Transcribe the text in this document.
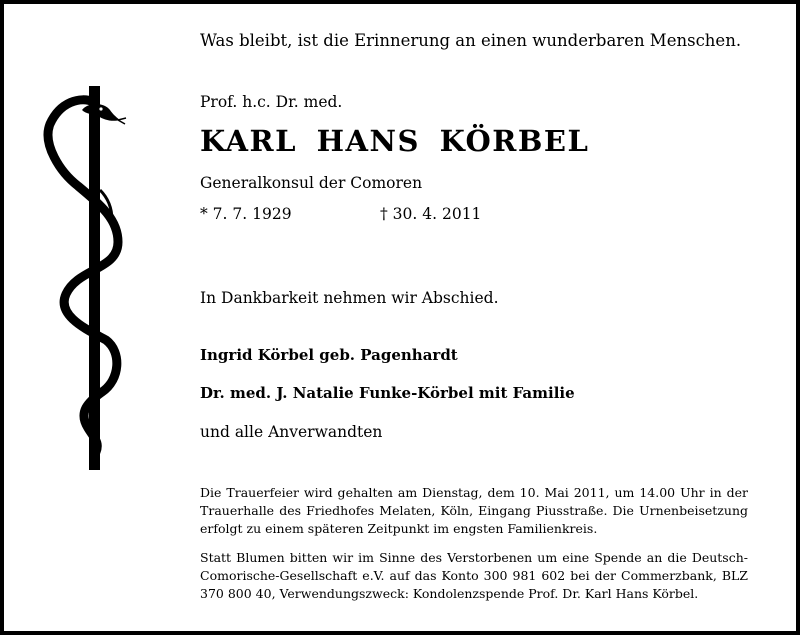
Was bleibt, ist die Erinnerung an einen wunderbaren Menschen.
Prof. h.c. Dr. med.
KARL HANS KÖRBEL
Generalkonsul der Comoren
* 7. 7. 1929	† 30. 4. 2011
In Dankbarkeit nehmen wir Abschied.
Ingrid Körbel geb. Pagenhardt
Dr. med. J. Natalie Funke-Körbel mit Familie
und alle Anverwandten
Die Trauerfeier wird gehalten am Dienstag, dem 10. Mai 2011, um 14.00 Uhr in der Trauerhalle des Friedhofes Melaten, Köln, Eingang Piusstraße. Die Urnenbeisetzung erfolgt zu einem späteren Zeitpunkt im engsten Familienkreis.
Statt Blumen bitten wir im Sinne des Verstorbenen um eine Spende an die Deutsch-Comorische-Gesellschaft e.V. auf das Konto 300 981 602 bei der Commerzbank, BLZ 370 800 40, Verwendungszweck: Kondolenzspende Prof. Dr. Karl Hans Körbel.
